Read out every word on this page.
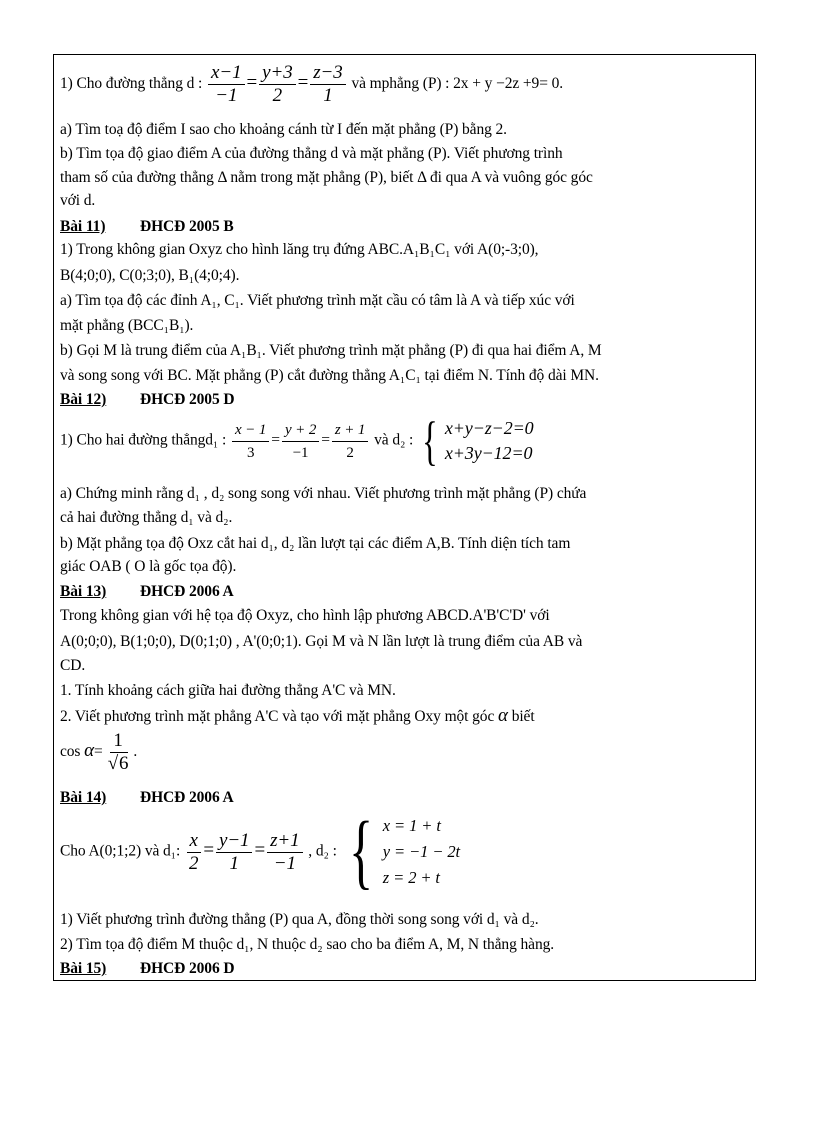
1) Cho đường thẳng d : $\frac{x-1}{-1} = \frac{y+3}{2} = \frac{z-3}{1}$ và mphẳng (P) : 2x + y −2z +9= 0.
a) Tìm toạ độ điểm I sao cho khoảng cánh từ I đến mặt phẳng (P) bằng 2.
b) Tìm tọa độ giao điểm A của đường thẳng d và mặt phẳng (P). Viết phương trình
tham số của đường thẳng Δ nằm trong mặt phẳng (P), biết Δ đi qua A và vuông góc góc
với d.
Bài 11) ĐHCĐ 2005 B
1) Trong không gian Oxyz cho hình lăng trụ đứng ABC.A₁B₁C₁ với A(0;-3;0),
B(4;0;0), C(0;3;0), B₁(4;0;4).
a) Tìm tọa độ các đỉnh A₁, C₁. Viết phương trình mặt cầu có tâm là A và tiếp xúc với
mặt phẳng (BCC₁B₁).
b) Gọi M là trung điểm của A₁B₁. Viết phương trình mặt phẳng (P) đi qua hai điểm A, M
và song song với BC. Mặt phẳng (P) cắt đường thẳng A₁C₁ tại điểm N. Tính độ dài MN.
Bài 12) ĐHCĐ 2005 D
1) Cho hai đường thẳngd₁ : $\frac{x - 1}{3} = \frac{y + 2}{-1} = \frac{z + 1}{2}$ và d₂ : { x+y−z−2=0
x+3y−12=0
a) Chứng minh rằng d₁ , d₂ song song với nhau. Viết phương trình mặt phẳng (P) chứa
cả hai đường thẳng d₁ và d₂.
b) Mặt phẳng tọa độ Oxz cắt hai d₁, d₂ lần lượt tại các điểm A,B. Tính diện tích tam
giác OAB ( O là gốc tọa độ).
Bài 13) ĐHCĐ 2006 A
Trong không gian với hệ tọa độ Oxyz, cho hình lập phương ABCD.A'B'C'D' với
A(0;0;0), B(1;0;0), D(0;1;0) , A'(0;0;1). Gọi M và N lần lượt là trung điểm của AB và
CD.
1. Tính khoảng cách giữa hai đường thẳng A'C và MN.
2. Viết phương trình mặt phẳng A'C và tạo với mặt phẳng Oxy một góc α biết
$\cos \alpha= \frac{1}{√6}$ .
Bài 14) ĐHCĐ 2006 A
Cho A(0;1;2) và d₁: $\frac{x}{2} = \frac{y-1}{1} = \frac{z+1}{-1}$ , d₂ : { x = 1 + t
y = −1 − 2t
z = 2 + t
1) Viết phương trình đường thẳng (P) qua A, đồng thời song song với d₁ và d₂.
2) Tìm tọa độ điểm M thuộc d₁, N thuộc d₂ sao cho ba điểm A, M, N thẳng hàng.
Bài 15) ĐHCĐ 2006 D
